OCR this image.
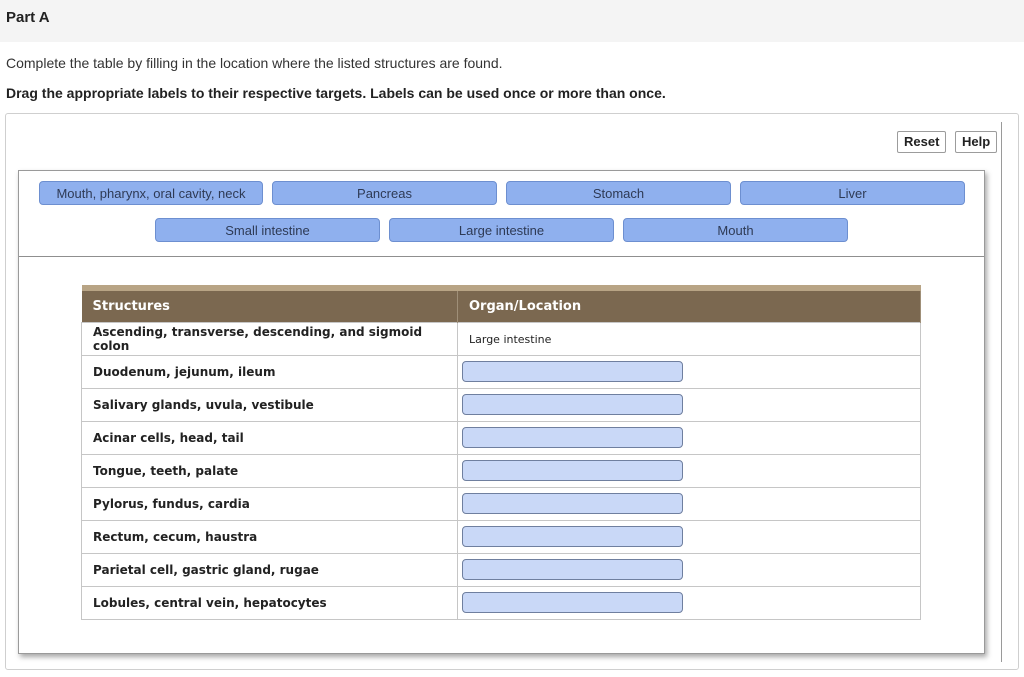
Part A
Complete the table by filling in the location where the listed structures are found.
Drag the appropriate labels to their respective targets. Labels can be used once or more than once.
Reset	Help
Mouth, pharynx, oral cavity, neck	Pancreas	Stomach	Liver
Small intestine	Large intestine	Mouth

Structures	Organ/Location
Ascending, transverse, descending, and sigmoid colon	Large intestine
Duodenum, jejunum, ileum	

Salivary glands, uvula, vestibule	

Acinar cells, head, tail	

Tongue, teeth, palate	

Pylorus, fundus, cardia	

Rectum, cecum, haustra	

Parietal cell, gastric gland, rugae	

Lobules, central vein, hepatocytes	
